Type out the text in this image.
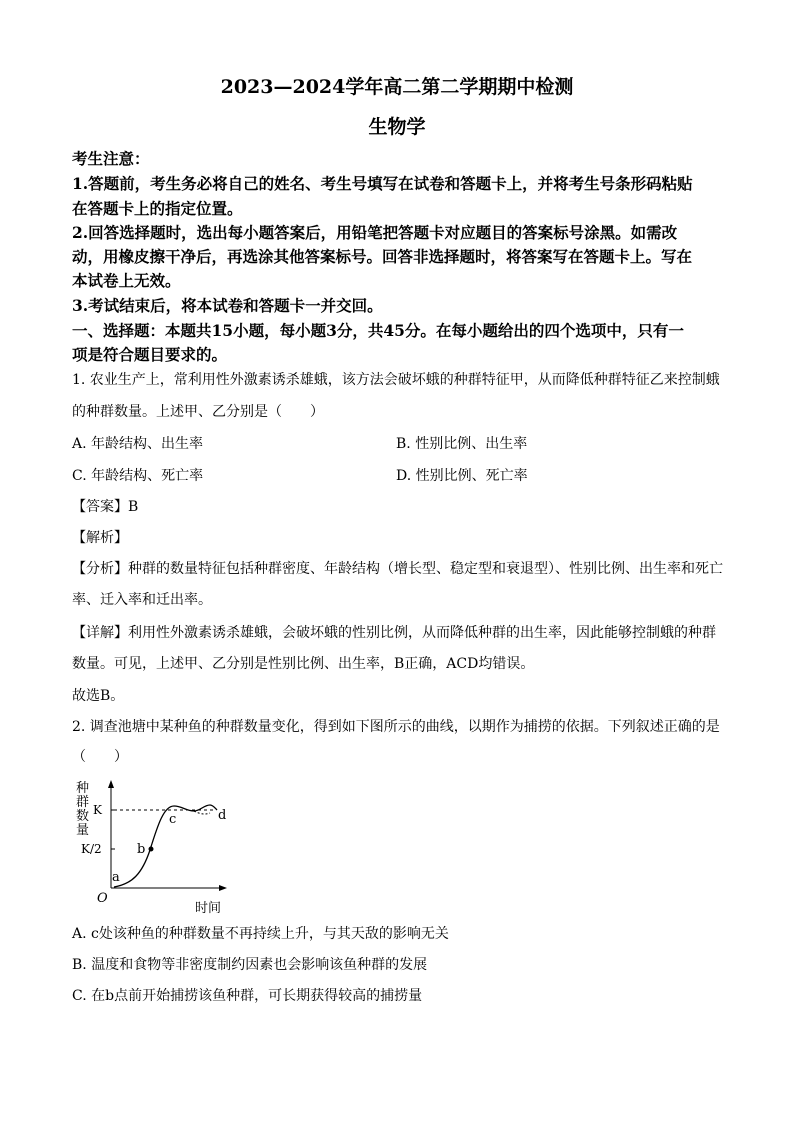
2023—2024学年高二第二学期期中检测
生物学
考生注意：
1.答题前，考生务必将自己的姓名、考生号填写在试卷和答题卡上，并将考生号条形码粘贴
在答题卡上的指定位置。
2.回答选择题时，选出每小题答案后，用铅笔把答题卡对应题目的答案标号涂黑。如需改
动，用橡皮擦干净后，再选涂其他答案标号。回答非选择题时，将答案写在答题卡上。写在
本试卷上无效。
3.考试结束后，将本试卷和答题卡一并交回。
一、选择题：本题共15小题，每小题3分，共45分。在每小题给出的四个选项中，只有一
项是符合题目要求的。
1. 农业生产上，常利用性外激素诱杀雄蛾，该方法会破坏蛾的种群特征甲，从而降低种群特征乙来控制蛾
的种群数量。上述甲、乙分别是（　　）
A. 年龄结构、出生率	B. 性别比例、出生率
C. 年龄结构、死亡率	D. 性别比例、死亡率
【答案】B
【解析】
【分析】种群的数量特征包括种群密度、年龄结构（增长型、稳定型和衰退型）、性别比例、出生率和死亡
率、迁入率和迁出率。
【详解】利用性外激素诱杀雄蛾，会破坏蛾的性别比例，从而降低种群的出生率，因此能够控制蛾的种群
数量。可见，上述甲、乙分别是性别比例、出生率，B正确，ACD均错误。
故选B。
2. 调查池塘中某种鱼的种群数量变化，得到如下图所示的曲线，以期作为捕捞的依据。下列叙述正确的是
（　　）
种
群
数
量
O
时间
K
K/2
a
b
c	d
A. c处该种鱼的种群数量不再持续上升，与其天敌的影响无关
B. 温度和食物等非密度制约因素也会影响该鱼种群的发展
C. 在b点前开始捕捞该鱼种群，可长期获得较高的捕捞量
